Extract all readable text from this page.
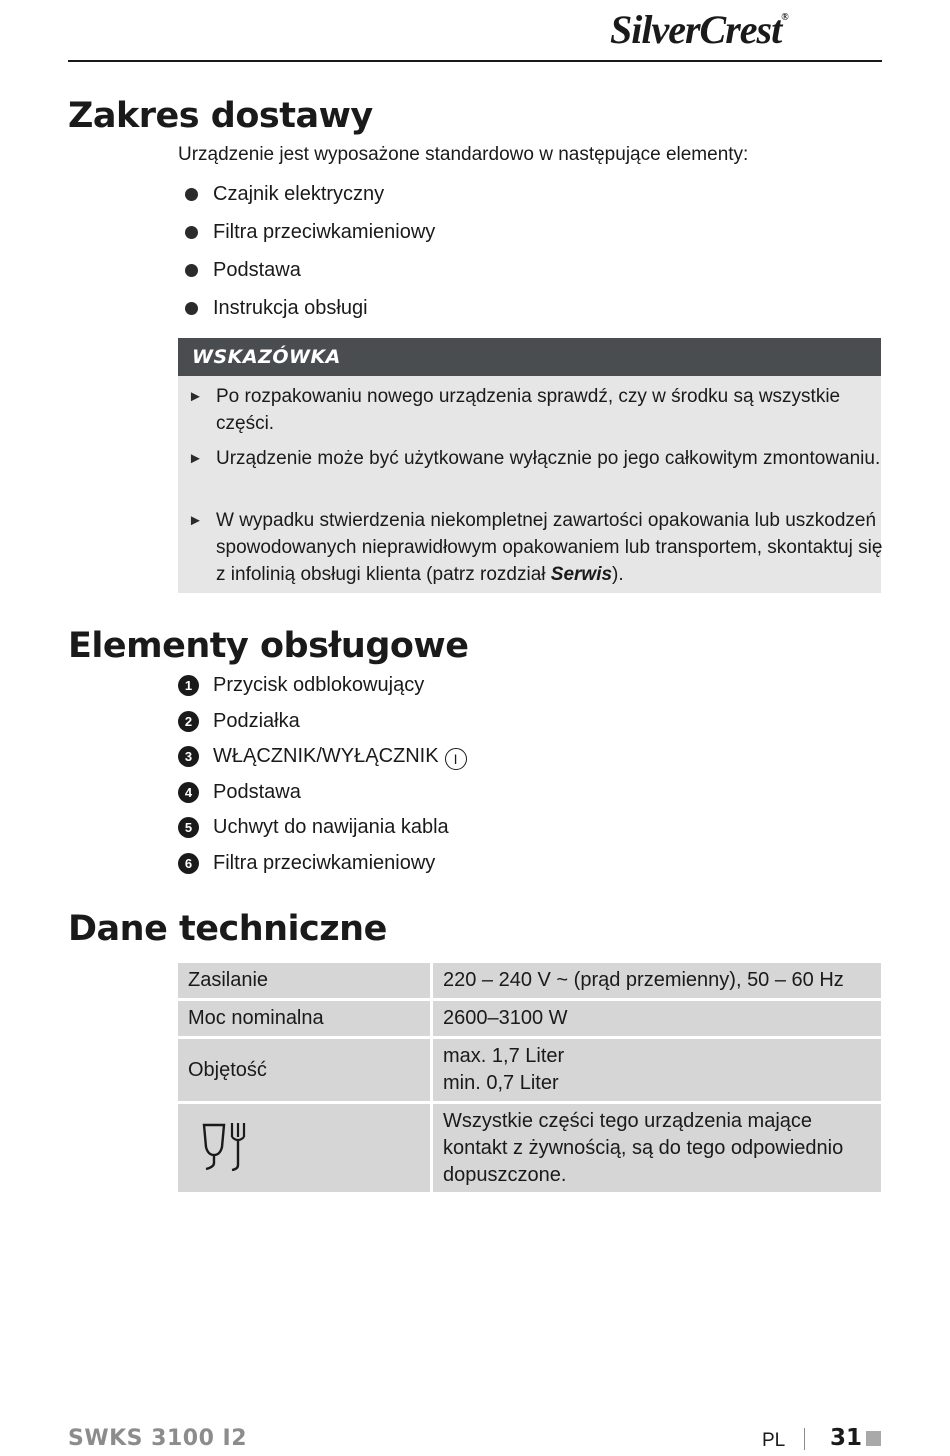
SilverCrest®
Zakres dostawy
Urządzenie jest wyposażone standardowo w następujące elementy:
Czajnik elektryczny
Filtra przeciwkamieniowy
Podstawa
Instrukcja obsługi
WSKAZÓWKA
► Po rozpakowaniu nowego urządzenia sprawdź, czy w środku są wszystkie części.
► Urządzenie może być użytkowane wyłącznie po jego całkowitym zmontowaniu.
► W wypadku stwierdzenia niekompletnej zawartości opakowania lub uszkodzeń spowodowanych nieprawidłowym opakowaniem lub transportem, skontaktuj się z infolinią obsługi klienta (patrz rozdział Serwis).
Elementy obsługowe
1	Przycisk odblokowujący
2	Podziałka
3	WŁĄCZNIK/WYŁĄCZNIK I
4	Podstawa
5	Uchwyt do nawijania kabla
6	Filtra przeciwkamieniowy
Dane techniczne
Zasilanie	220 – 240 V ~ (prąd przemienny), 50 – 60 Hz
Moc nominalna	2600–3100 W
Objętość	max. 1,7 Liter
min. 0,7 Liter

	Wszystkie części tego urządzenia mające kontakt z żywnością, są do tego odpowiednio dopuszczone.
SWKS 3100 I2	PL 31
